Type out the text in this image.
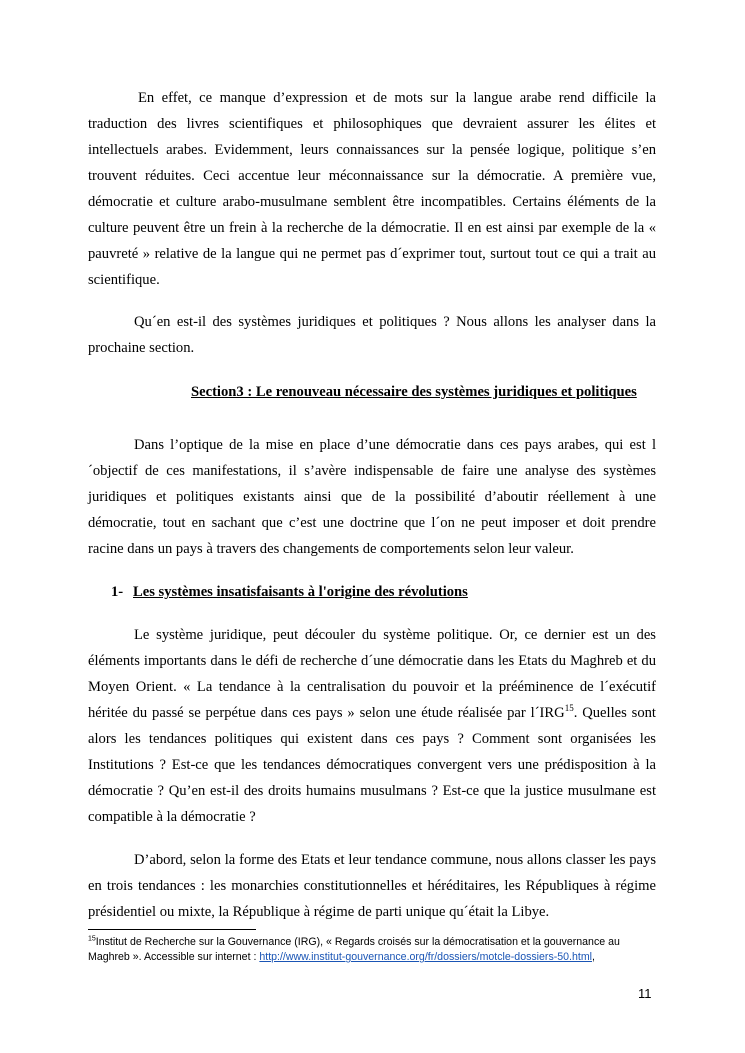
En effet, ce manque d’expression et de mots sur la langue arabe rend difficile la traduction des livres scientifiques et philosophiques que devraient assurer les élites et intellectuels arabes. Evidemment, leurs connaissances sur la pensée logique, politique s’en trouvent réduites. Ceci accentue leur méconnaissance sur la démocratie. A première vue, démocratie et culture arabo-musulmane semblent être incompatibles. Certains éléments de la culture peuvent être un frein à la recherche de la démocratie. Il en est ainsi par exemple de la « pauvreté » relative de la langue qui ne permet pas d´exprimer tout, surtout tout ce qui a trait au scientifique.

Qu´en est-il des systèmes juridiques et politiques ? Nous allons les analyser dans la prochaine section.

Section3 : Le renouveau nécessaire des systèmes juridiques et politiques

Dans l’optique de la mise en place d’une démocratie dans ces pays arabes, qui est l´objectif de ces manifestations, il s’avère indispensable de faire une analyse des systèmes juridiques et politiques existants ainsi que de la possibilité d’aboutir réellement à une démocratie, tout en sachant que c’est une doctrine que l´on ne peut imposer et doit prendre racine dans un pays à travers des changements de comportements selon leur valeur.

1- Les systèmes insatisfaisants à l'origine des révolutions

Le système juridique, peut découler du système politique. Or, ce dernier est un des éléments importants dans le défi de recherche d´une démocratie dans les Etats du Maghreb et du Moyen Orient. « La tendance à la centralisation du pouvoir et la prééminence de l´exécutif héritée du passé se perpétue dans ces pays » selon une étude réalisée par l´IRG$^{15}$. Quelles sont alors les tendances politiques qui existent dans ces pays ? Comment sont organisées les Institutions ? Est-ce que les tendances démocratiques convergent vers une prédisposition à la démocratie ? Qu’en est-il des droits humains musulmans ? Est-ce que la justice musulmane est compatible à la démocratie ?

D’abord, selon la forme des Etats et leur tendance commune, nous allons classer les pays en trois tendances : les monarchies constitutionnelles et héréditaires, les Républiques à régime présidentiel ou mixte, la République à régime de parti unique qu´était la Libye.

$^{15}$Institut de Recherche sur la Gouvernance (IRG), « Regards croisés sur la démocratisation et la gouvernance au Maghreb ». Accessible sur internet : http://www.institut-gouvernance.org/fr/dossiers/motcle-dossiers-50.html,
11
